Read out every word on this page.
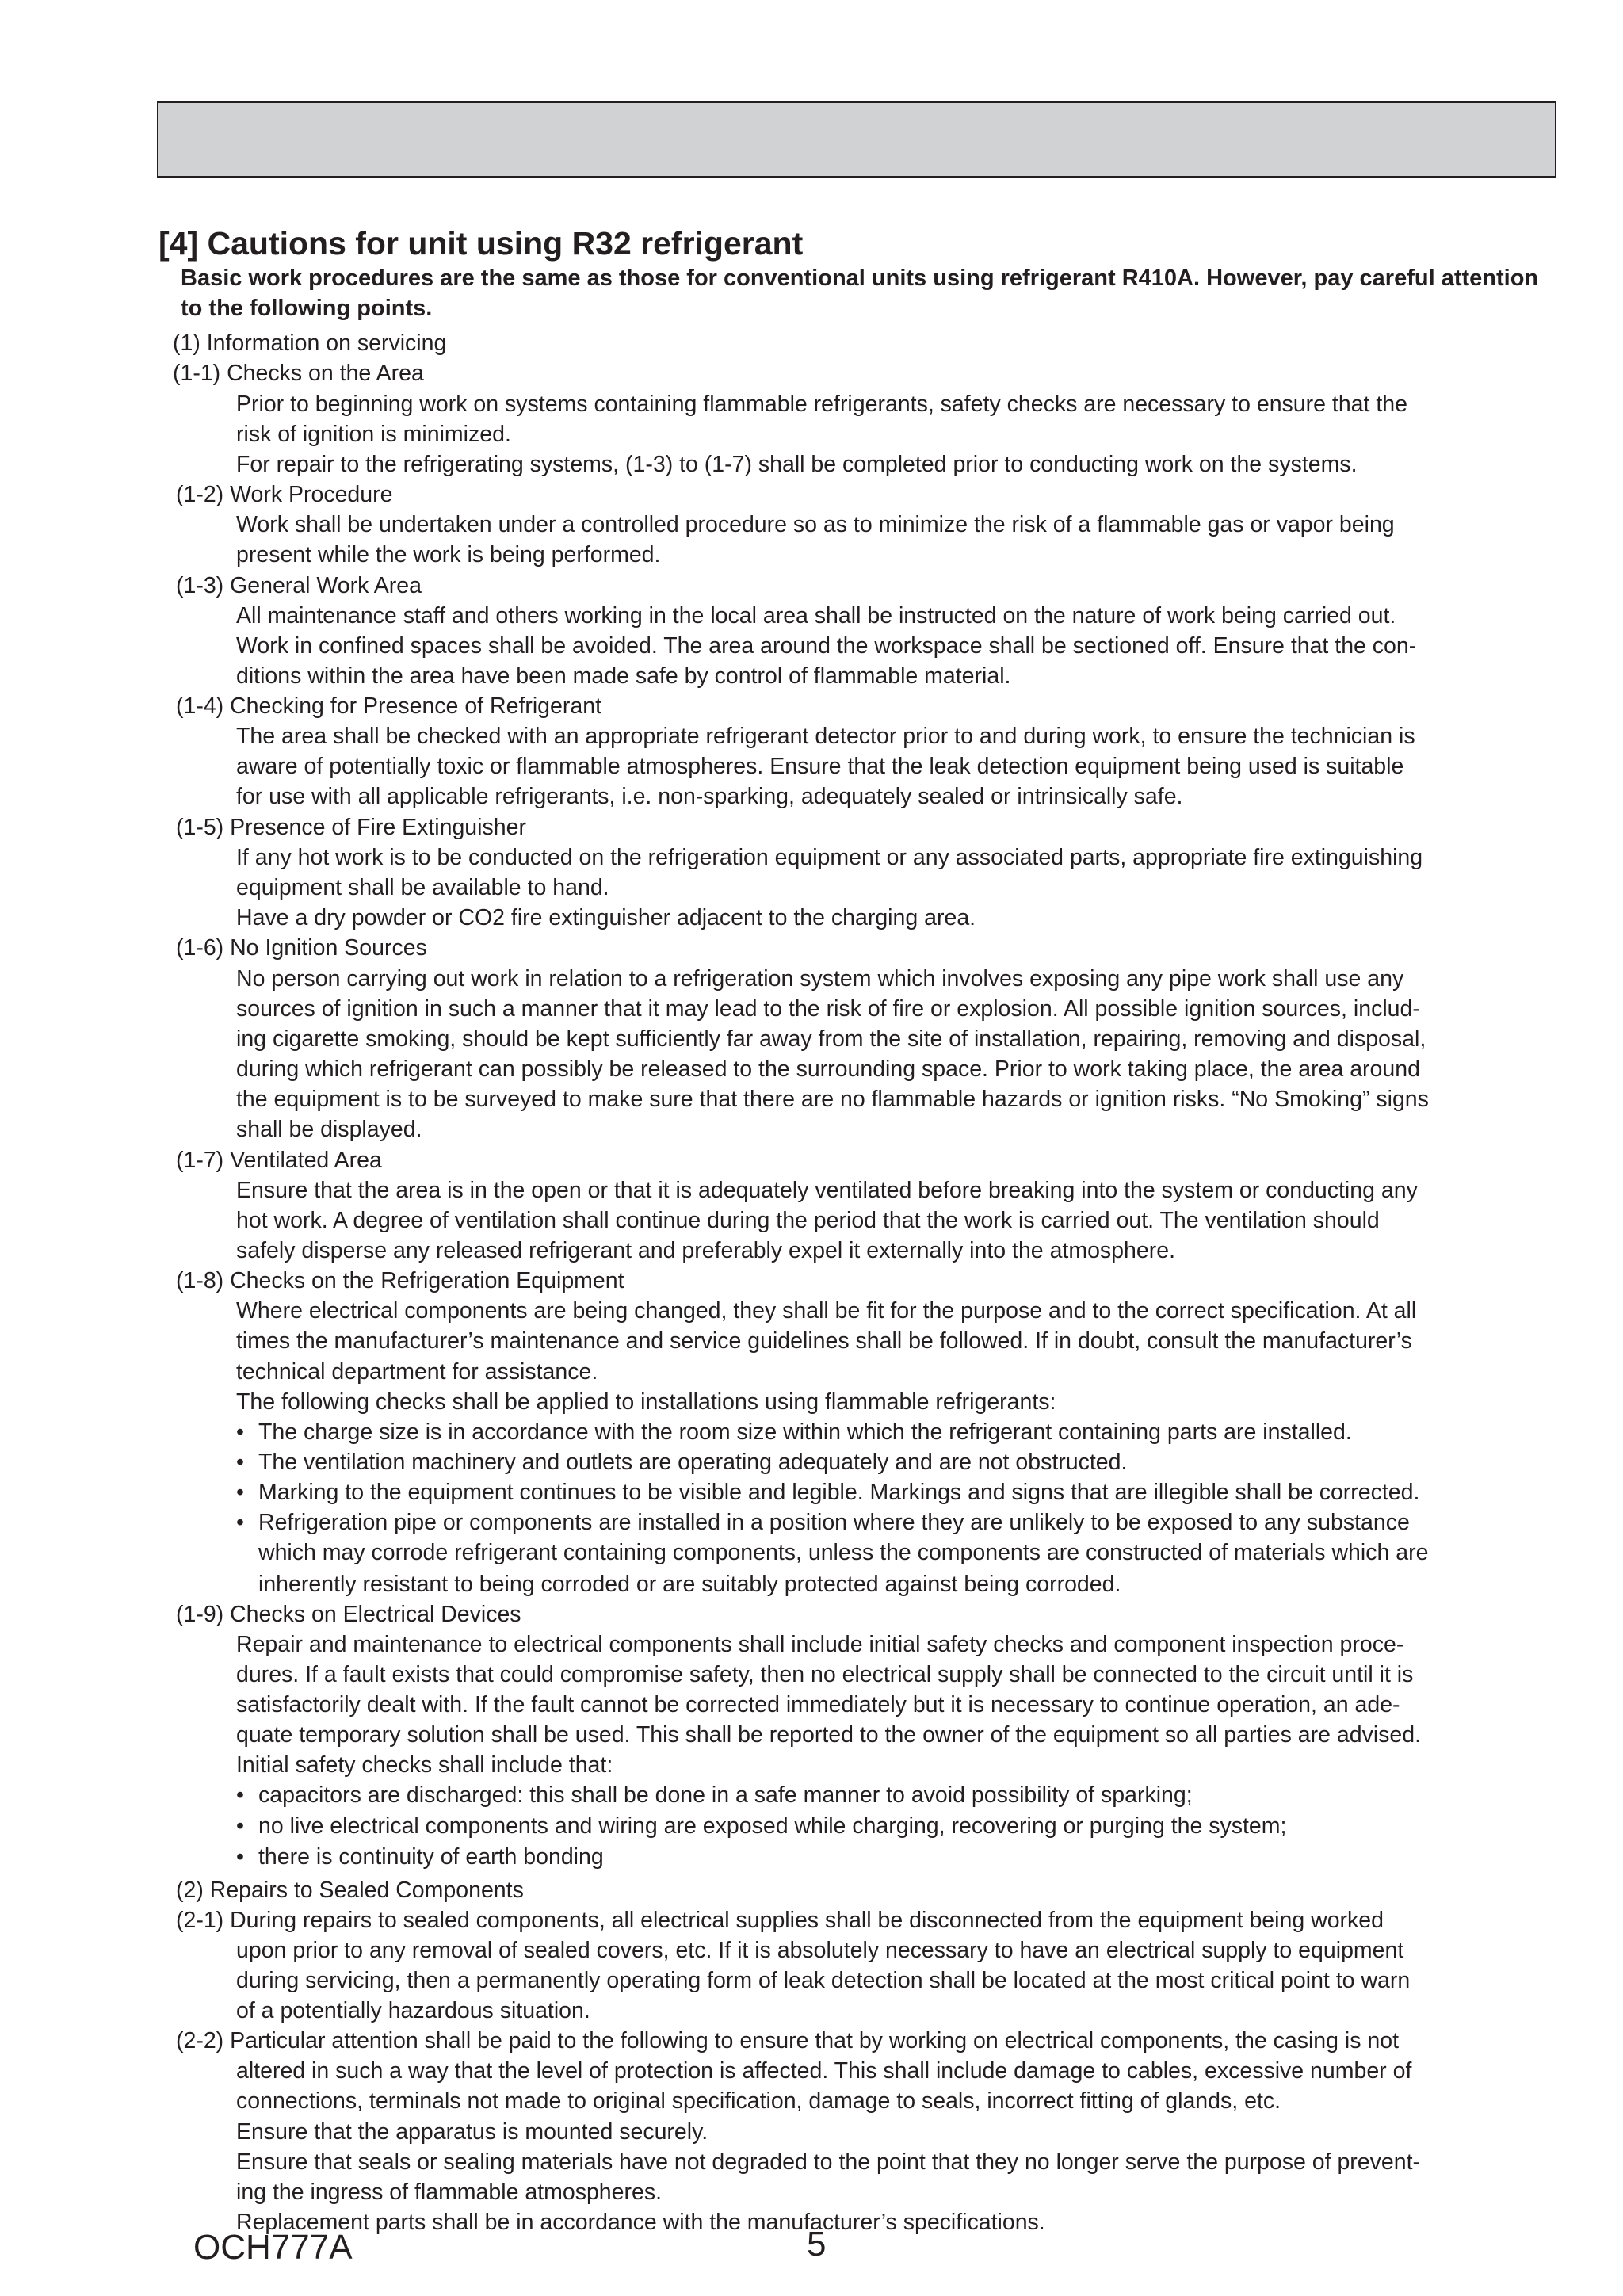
[4] Cautions for unit using R32 refrigerant

Basic work procedures are the same as those for conventional units using refrigerant R410A. However, pay careful attention to the following points.

(1) Information on servicing
(1-1) Checks on the Area
Prior to beginning work on systems containing flammable refrigerants, safety checks are necessary to ensure that the
risk of ignition is minimized.
For repair to the refrigerating systems, (1-3) to (1-7) shall be completed prior to conducting work on the systems.
(1-2) Work Procedure
Work shall be undertaken under a controlled procedure so as to minimize the risk of a flammable gas or vapor being
present while the work is being performed.
(1-3) General Work Area
All maintenance staff and others working in the local area shall be instructed on the nature of work being carried out.
Work in confined spaces shall be avoided. The area around the workspace shall be sectioned off. Ensure that the con-
ditions within the area have been made safe by control of flammable material.
(1-4) Checking for Presence of Refrigerant
The area shall be checked with an appropriate refrigerant detector prior to and during work, to ensure the technician is
aware of potentially toxic or flammable atmospheres. Ensure that the leak detection equipment being used is suitable
for use with all applicable refrigerants, i.e. non-sparking, adequately sealed or intrinsically safe.
(1-5) Presence of Fire Extinguisher
If any hot work is to be conducted on the refrigeration equipment or any associated parts, appropriate fire extinguishing
equipment shall be available to hand.
Have a dry powder or CO2 fire extinguisher adjacent to the charging area.
(1-6) No Ignition Sources
No person carrying out work in relation to a refrigeration system which involves exposing any pipe work shall use any
sources of ignition in such a manner that it may lead to the risk of fire or explosion. All possible ignition sources, includ-
ing cigarette smoking, should be kept sufficiently far away from the site of installation, repairing, removing and disposal,
during which refrigerant can possibly be released to the surrounding space. Prior to work taking place, the area around
the equipment is to be surveyed to make sure that there are no flammable hazards or ignition risks. “No Smoking” signs
shall be displayed.
(1-7) Ventilated Area
Ensure that the area is in the open or that it is adequately ventilated before breaking into the system or conducting any
hot work. A degree of ventilation shall continue during the period that the work is carried out. The ventilation should
safely disperse any released refrigerant and preferably expel it externally into the atmosphere.
(1-8) Checks on the Refrigeration Equipment
Where electrical components are being changed, they shall be fit for the purpose and to the correct specification. At all
times the manufacturer’s maintenance and service guidelines shall be followed. If in doubt, consult the manufacturer’s
technical department for assistance.
The following checks shall be applied to installations using flammable refrigerants:
• The charge size is in accordance with the room size within which the refrigerant containing parts are installed.
• The ventilation machinery and outlets are operating adequately and are not obstructed.
• Marking to the equipment continues to be visible and legible. Markings and signs that are illegible shall be corrected.
• Refrigeration pipe or components are installed in a position where they are unlikely to be exposed to any substance
which may corrode refrigerant containing components, unless the components are constructed of materials which are
inherently resistant to being corroded or are suitably protected against being corroded.
(1-9) Checks on Electrical Devices
Repair and maintenance to electrical components shall include initial safety checks and component inspection proce-
dures. If a fault exists that could compromise safety, then no electrical supply shall be connected to the circuit until it is
satisfactorily dealt with. If the fault cannot be corrected immediately but it is necessary to continue operation, an ade-
quate temporary solution shall be used. This shall be reported to the owner of the equipment so all parties are advised.
Initial safety checks shall include that:
• capacitors are discharged: this shall be done in a safe manner to avoid possibility of sparking;
• no live electrical components and wiring are exposed while charging, recovering or purging the system;
• there is continuity of earth bonding
(2) Repairs to Sealed Components
(2-1) During repairs to sealed components, all electrical supplies shall be disconnected from the equipment being worked
upon prior to any removal of sealed covers, etc. If it is absolutely necessary to have an electrical supply to equipment
during servicing, then a permanently operating form of leak detection shall be located at the most critical point to warn
of a potentially hazardous situation.
(2-2) Particular attention shall be paid to the following to ensure that by working on electrical components, the casing is not
altered in such a way that the level of protection is affected. This shall include damage to cables, excessive number of
connections, terminals not made to original specification, damage to seals, incorrect fitting of glands, etc.
Ensure that the apparatus is mounted securely.
Ensure that seals or sealing materials have not degraded to the point that they no longer serve the purpose of prevent-
ing the ingress of flammable atmospheres.
Replacement parts shall be in accordance with the manufacturer’s specifications.

OCH777A	5
